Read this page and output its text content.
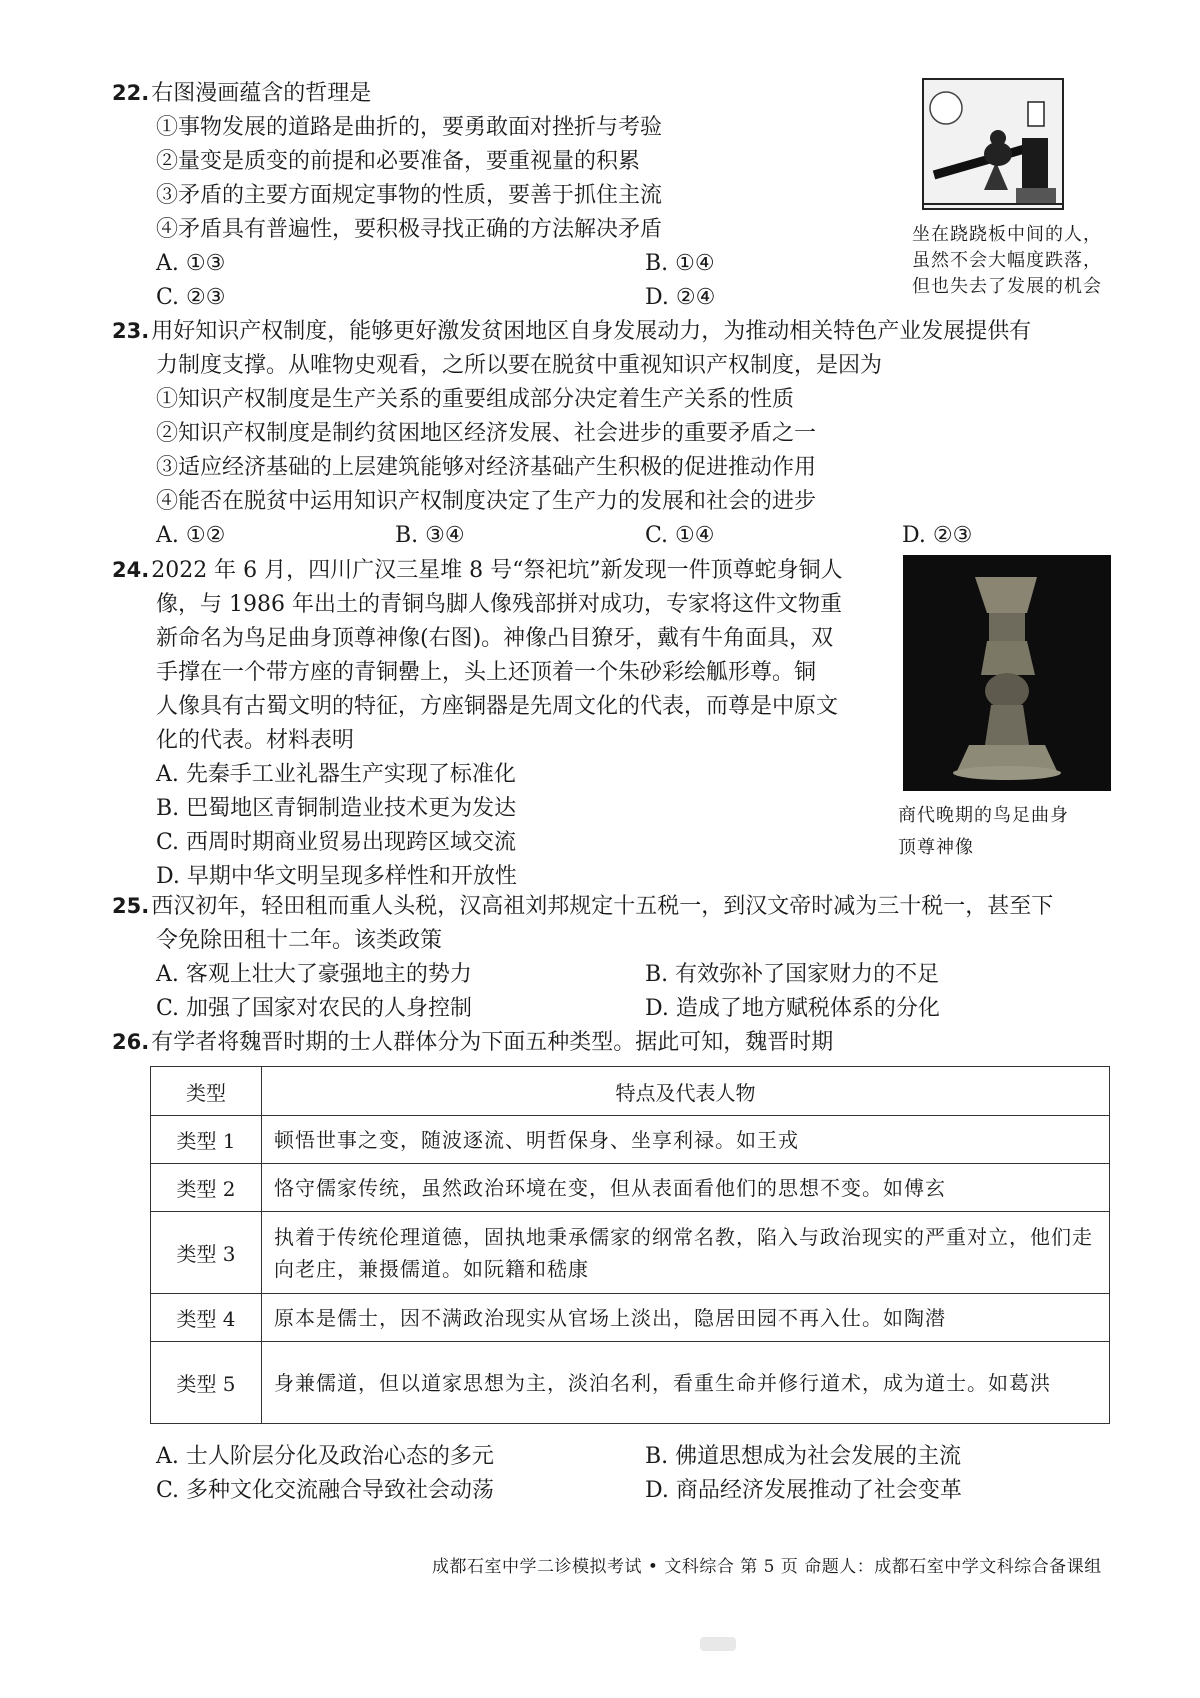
22.右图漫画蕴含的哲理是
①事物发展的道路是曲折的，要勇敢面对挫折与考验
②量变是质变的前提和必要准备，要重视量的积累
③矛盾的主要方面规定事物的性质，要善于抓住主流
④矛盾具有普遍性，要积极寻找正确的方法解决矛盾
A. ①③	B. ①④
C. ②③	D. ②④
坐在跷跷板中间的人，
虽然不会大幅度跌落，
但也失去了发展的机会
23.用好知识产权制度，能够更好激发贫困地区自身发展动力，为推动相关特色产业发展提供有
力制度支撑。从唯物史观看，之所以要在脱贫中重视知识产权制度，是因为
①知识产权制度是生产关系的重要组成部分决定着生产关系的性质
②知识产权制度是制约贫困地区经济发展、社会进步的重要矛盾之一
③适应经济基础的上层建筑能够对经济基础产生积极的促进推动作用
④能否在脱贫中运用知识产权制度决定了生产力的发展和社会的进步
A. ①②	B. ③④	C. ①④	D. ②③
24.2022 年 6 月，四川广汉三星堆 8 号“祭祀坑”新发现一件顶尊蛇身铜人
像，与 1986 年出土的青铜鸟脚人像残部拼对成功，专家将这件文物重
新命名为鸟足曲身顶尊神像(右图)。神像凸目獠牙，戴有牛角面具，双
手撑在一个带方座的青铜罍上，头上还顶着一个朱砂彩绘觚形尊。铜
人像具有古蜀文明的特征，方座铜器是先周文化的代表，而尊是中原文
化的代表。材料表明
A. 先秦手工业礼器生产实现了标准化
B. 巴蜀地区青铜制造业技术更为发达
C. 西周时期商业贸易出现跨区域交流
D. 早期中华文明呈现多样性和开放性
商代晚期的鸟足曲身
顶尊神像
25.西汉初年，轻田租而重人头税，汉高祖刘邦规定十五税一，到汉文帝时减为三十税一，甚至下
令免除田租十二年。该类政策
A. 客观上壮大了豪强地主的势力	B. 有效弥补了国家财力的不足
C. 加强了国家对农民的人身控制	D. 造成了地方赋税体系的分化
26.有学者将魏晋时期的士人群体分为下面五种类型。据此可知，魏晋时期
类型	特点及代表人物
类型 1	顿悟世事之变，随波逐流、明哲保身、坐享利禄。如王戎
类型 2	恪守儒家传统，虽然政治环境在变，但从表面看他们的思想不变。如傅玄
类型 3	执着于传统伦理道德，固执地秉承儒家的纲常名教，陷入与政治现实的严重对立，他们走向老庄，兼摄儒道。如阮籍和嵇康
类型 4	原本是儒士，因不满政治现实从官场上淡出，隐居田园不再入仕。如陶潜
类型 5	身兼儒道，但以道家思想为主，淡泊名利，看重生命并修行道术，成为道士。如葛洪
A. 士人阶层分化及政治心态的多元	B. 佛道思想成为社会发展的主流
C. 多种文化交流融合导致社会动荡	D. 商品经济发展推动了社会变革
成都石室中学二诊模拟考试 • 文科综合 第 5 页 命题人：成都石室中学文科综合备课组
